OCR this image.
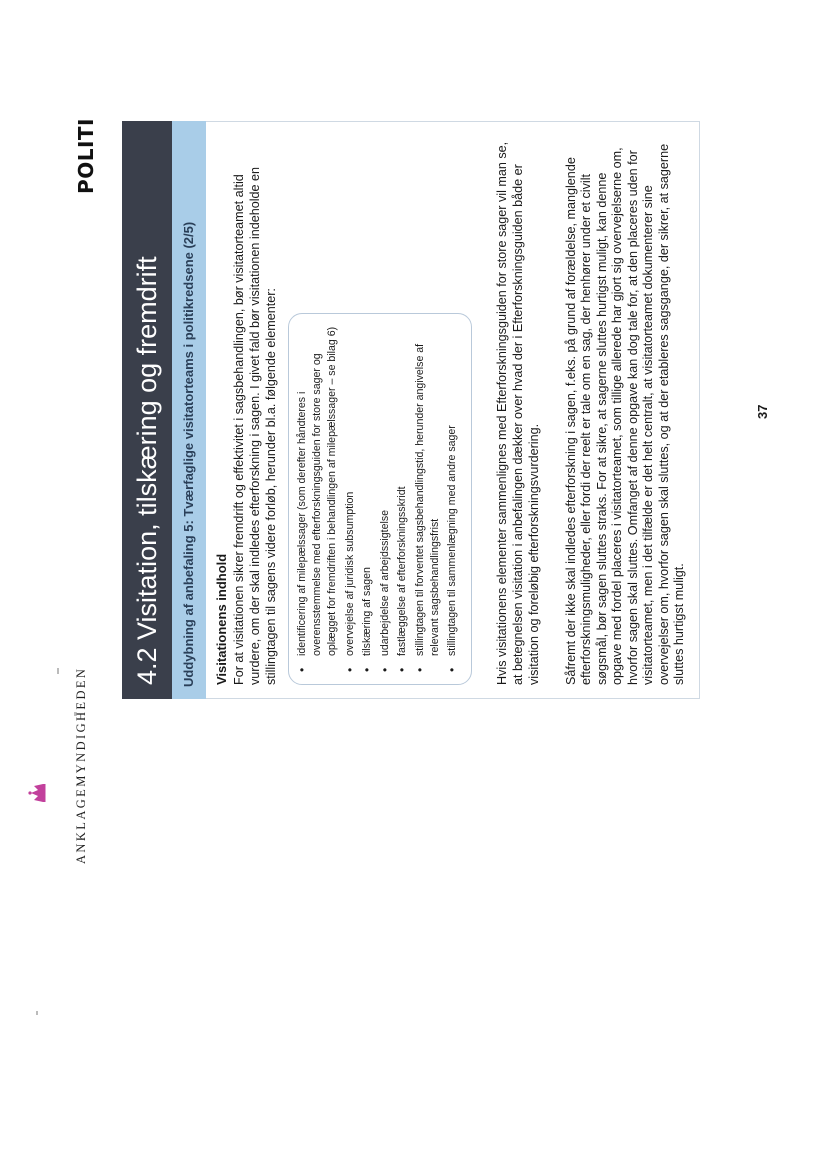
ANKLAGEMYNDIGHEDEN
POLITI
4.2 Visitation, tilskæring og fremdrift	Uddybning af anbefaling 5: Tværfaglige visitatorteams i politikredsene (2/5)	Visitationens indhold For at visitationen sikrer fremdrift og effektivitet i sagsbehandlingen, bør visitatorteamet altid vurdere, om der skal indledes efterforskning i sagen. I givet fald bør visitationen indeholde en stillingtagen til sagens videre forløb, herunder bl.a. følgende elementer: •
identificering af milepælssager (som derefter håndteres i overensstemmelse med efterforskningsguiden for store sager og oplægget for fremdriften i behandlingen af milepælssager – se bilag 6)
•
overvejelse af juridisk subsumption
•
tilskæring af sagen
•
udarbejdelse af arbejdssigtelse
•
fastlæggelse af efterforskningsskridt
•
stillingtagen til forventet sagsbehandlingstid, herunder angivelse af relevant sagsbehandlingsfrist
•
stillingtagen til sammenlægning med andre sager	Hvis visitationens elementer sammenlignes med Efterforskningsguiden for store sager vil man se, at betegnelsen visitation i anbefalingen dækker over hvad der i Efterforskningsguiden både er visitation og foreløbig efterforskningsvurdering. Såfremt der ikke skal indledes efterforskning i sagen, f.eks. på grund af forældelse, manglende efterforskningsmuligheder, eller fordi der reelt er tale om en sag, der henhører under et civilt søgsmål, bør sagen sluttes straks. For at sikre, at sagerne sluttes hurtigst muligt, kan denne opgave med fordel placeres i visitatorteamet, som tillige allerede har gjort sig overvejelserne om, hvorfor sagen skal sluttes. Omfanget af denne opgave kan dog tale for, at den placeres uden for visitatorteamet, men i det tilfælde er det helt centralt, at visitatorteamet dokumenterer sine overvejelser om, hvorfor sagen skal sluttes, og at der etableres sagsgange, der sikrer, at sagerne sluttes hurtigst muligt.

37
